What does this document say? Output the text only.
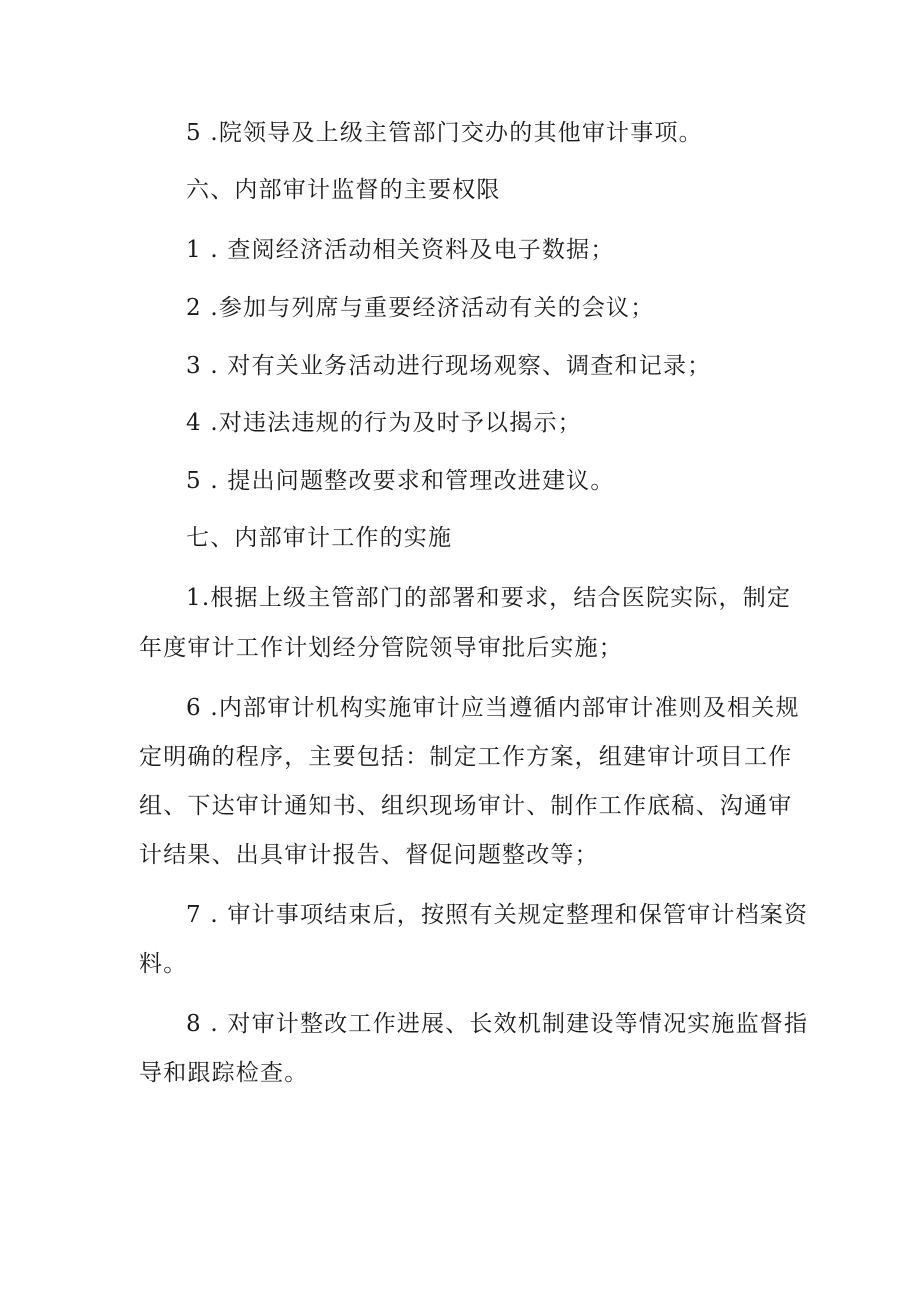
5 .院领导及上级主管部门交办的其他审计事项。
六、内部审计监督的主要权限
1 . 查阅经济活动相关资料及电子数据；
2 .参加与列席与重要经济活动有关的会议；
3 . 对有关业务活动进行现场观察、调查和记录；
4 .对违法违规的行为及时予以揭示；
5 . 提出问题整改要求和管理改进建议。
七、内部审计工作的实施
1.根据上级主管部门的部署和要求，结合医院实际，制定
年度审计工作计划经分管院领导审批后实施；
6 .内部审计机构实施审计应当遵循内部审计准则及相关规
定明确的程序，主要包括：制定工作方案，组建审计项目工作
组、下达审计通知书、组织现场审计、制作工作底稿、沟通审
计结果、出具审计报告、督促问题整改等；
7 . 审计事项结束后，按照有关规定整理和保管审计档案资
料。
8 . 对审计整改工作进展、长效机制建设等情况实施监督指
导和跟踪检查。
